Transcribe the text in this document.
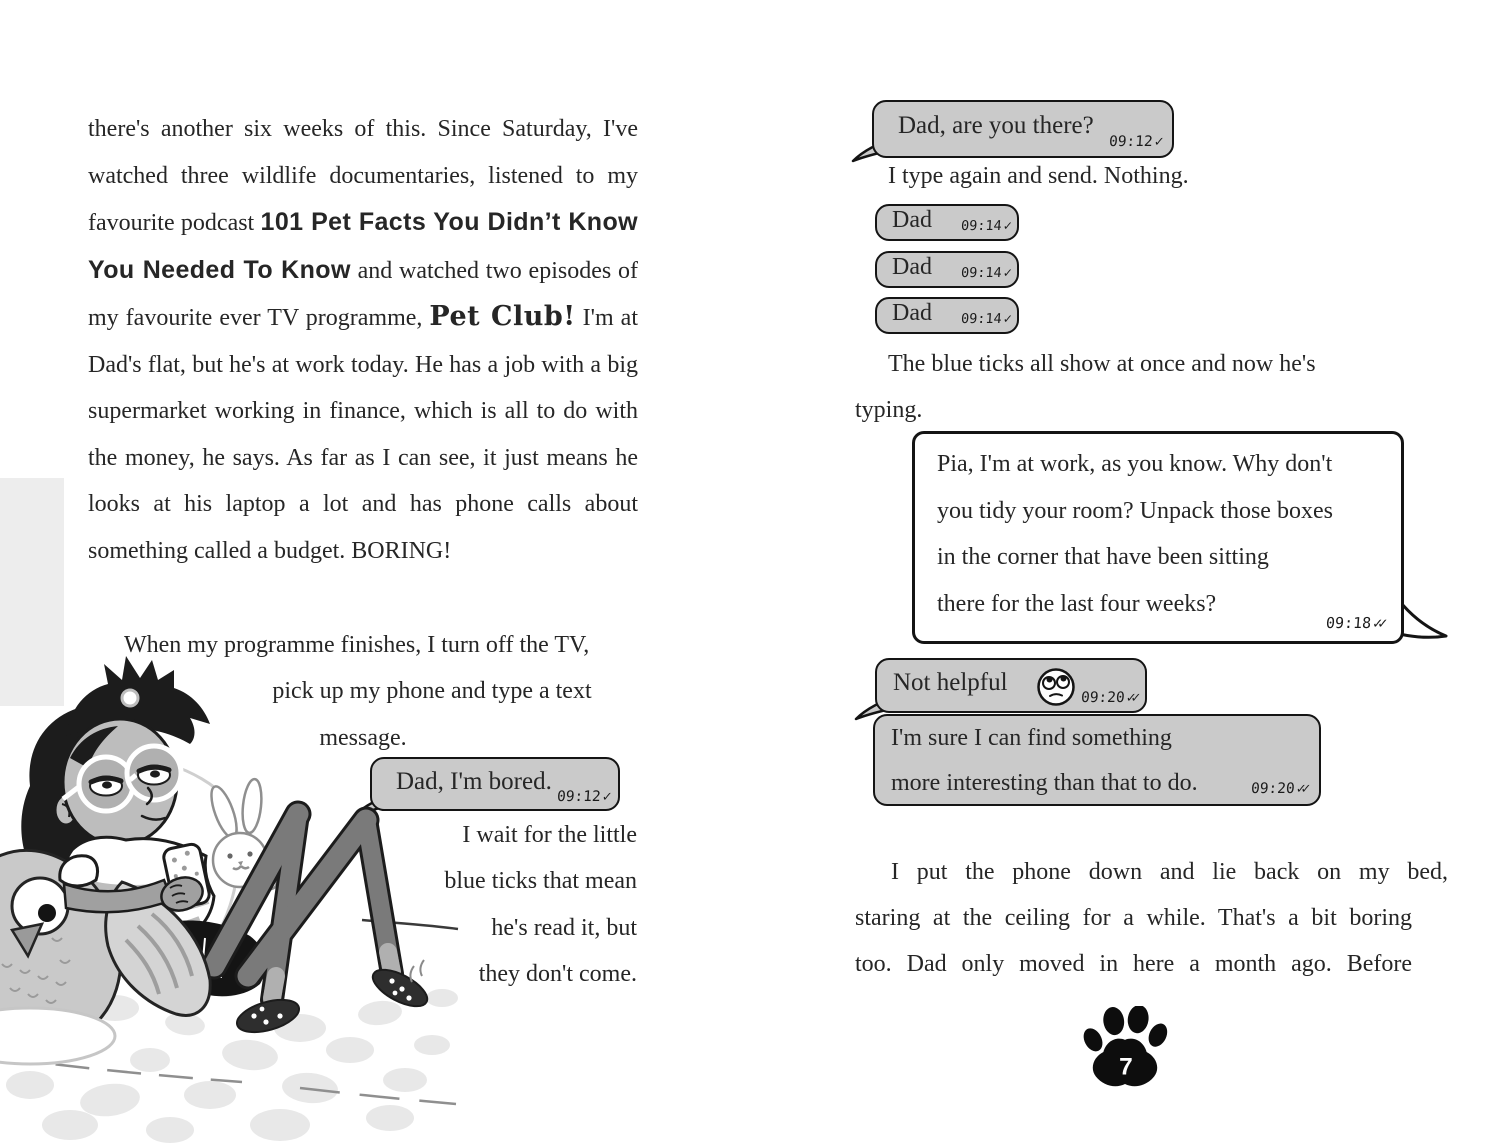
there's another six weeks of this. Since Saturday, I've watched three wildlife documentaries, listened to my favourite podcast 101 Pet Facts You Didn’t Know You Needed To Know and watched two episodes of my favourite ever TV programme, Pet Club! I'm at Dad's flat, but he's at work today. He has a job with a big supermarket working in finance, which is all to do with the money, he says. As far as I can see, it just means he looks at his laptop a lot and has phone calls about something called a budget. BORING!
When my programme finishes, I turn off the TV,
pick up my phone and type a text
message.
Dad, I'm bored.
09:12✓
I wait for the little
blue ticks that mean
he's read it, but
they don't come.
Dad, are you there?
09:12✓
I type again and send. Nothing.
Dad 09:14✓
Dad 09:14✓
Dad 09:14✓
The blue ticks all show at once and now he's
typing.
Pia, I'm at work, as you know. Why don't
you tidy your room? Unpack those boxes
in the corner that have been sitting
there for the last four weeks?
09:18✓✓
Not helpful
09:20✓✓
I'm sure I can find something
more interesting than that to do.	09:20✓✓
I put the phone down and lie back on my bed,
staring at the ceiling for a while. That's a bit boring
too. Dad only moved in here a month ago. Before
7
